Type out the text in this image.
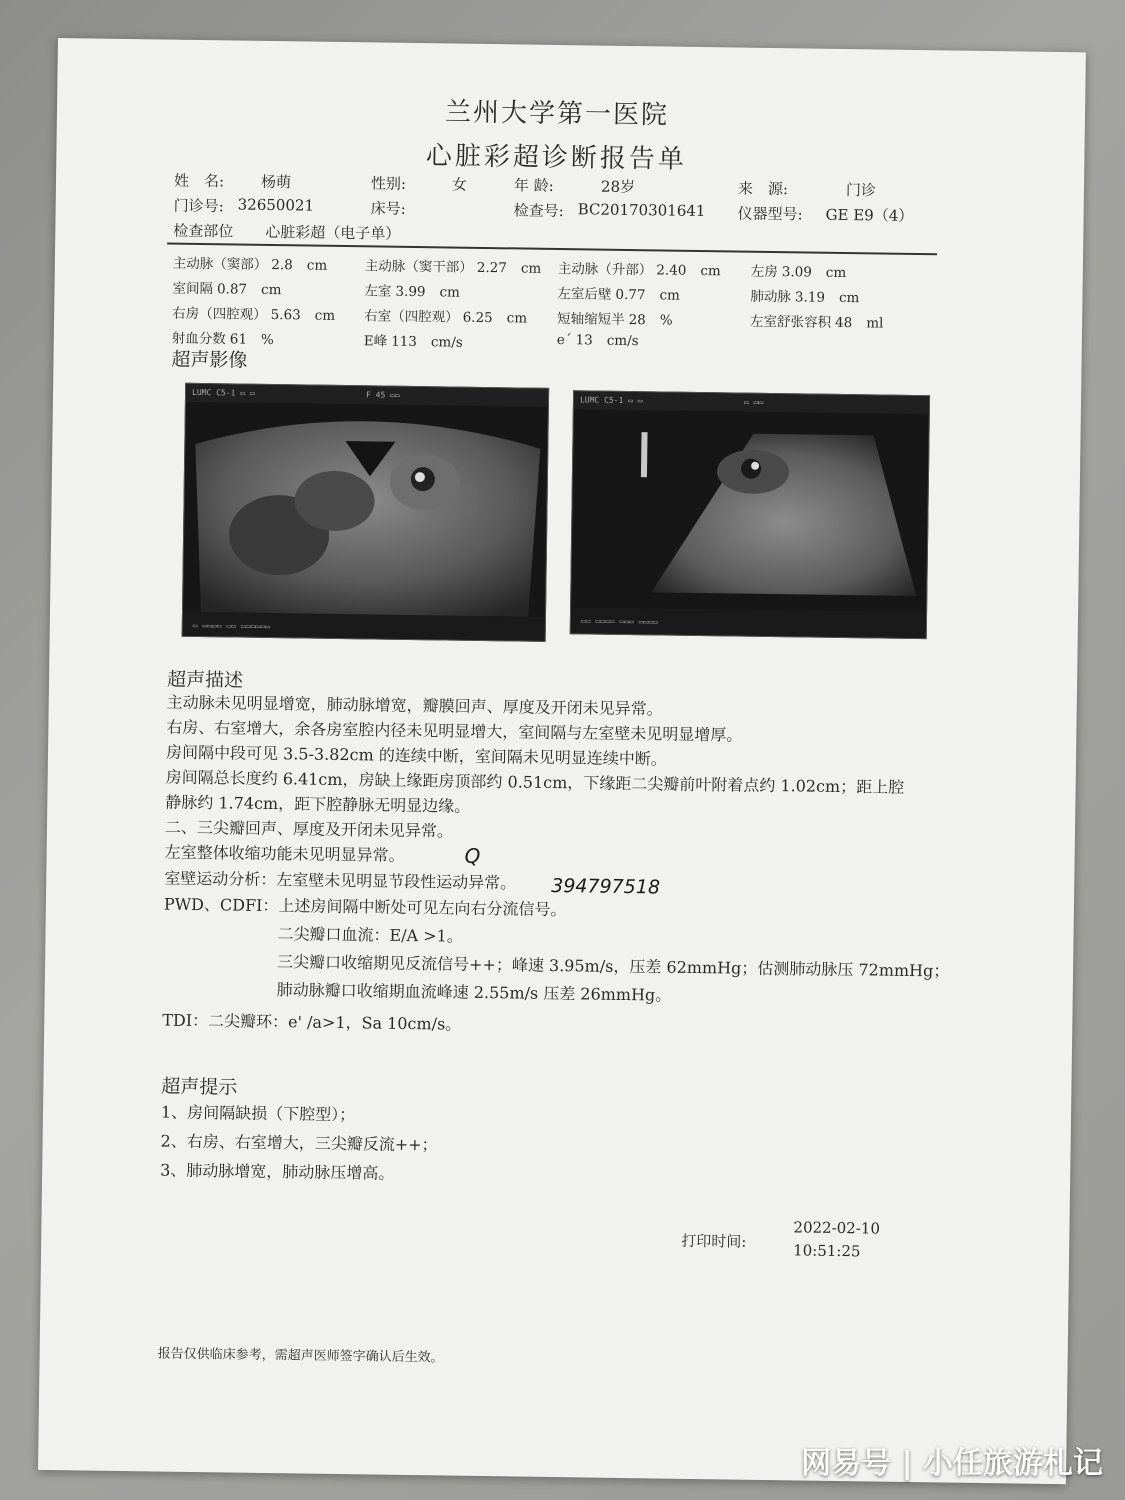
兰州大学第一医院
心脏彩超诊断报告单
姓　名: 杨萌	性别:	女	年 龄:	28岁	来　源:	门诊
门诊号: 32650021	床号:	检查号: BC20170301641 仪器型号: GE E9（4）
检查部位 心脏彩超（电子单）
主动脉（窦部） 2.8 cm	主动脉（窦干部） 2.27 cm 主动脉（升部） 2.40 cm 左房 3.09 cm
室间隔 0.87 cm	左室 3.99 cm	左室后壁 0.77 cm	肺动脉 3.19 cm
右房（四腔观） 5.63 cm 右室（四腔观） 6.25 cm 短轴缩短半 28 %	左室舒张容积 48 ml
射血分数 61 %	E峰 113 cm/s	e´ 13 cm/s
超声影像
LUMC C5-1 ▭ ▭	F 45 ▭▭
▭ ▭▭▭▭ ▭▭ ▭▭▭▭▭▭
LUMC C5-1 ▭ ▭	▭ ▭▭
▭▭ ▭▭▭▭ ▭▭▭ ▭▭▭▭
超声描述
主动脉未见明显增宽，肺动脉增宽，瓣膜回声、厚度及开闭未见异常。
右房、右室增大，余各房室腔内径未见明显增大，室间隔与左室壁未见明显增厚。
房间隔中段可见 3.5-3.82cm 的连续中断，室间隔未见明显连续中断。
房间隔总长度约 6.41cm，房缺上缘距房顶部约 0.51cm，下缘距二尖瓣前叶附着点约 1.02cm；距上腔
静脉约 1.74cm，距下腔静脉无明显边缘。
二、三尖瓣回声、厚度及开闭未见异常。
左室整体收缩功能未见明显异常。
室壁运动分析：左室壁未见明显节段性运动异常。
PWD、CDFI：上述房间隔中断处可见左向右分流信号。
二尖瓣口血流：E/A >1。
三尖瓣口收缩期见反流信号++；峰速 3.95m/s，压差 62mmHg；估测肺动脉压 72mmHg；
肺动脉瓣口收缩期血流峰速 2.55m/s 压差 26mmHg。
TDI：二尖瓣环：e' /a>1，Sa 10cm/s。
Q
394797518
超声提示
1、房间隔缺损（下腔型）；
2、右房、右室增大，三尖瓣反流++；
3、肺动脉增宽，肺动脉压增高。
打印时间:
2022-02-10
10:51:25
报告仅供临床参考，需超声医师签字确认后生效。
网易号 | 小任旅游札记
